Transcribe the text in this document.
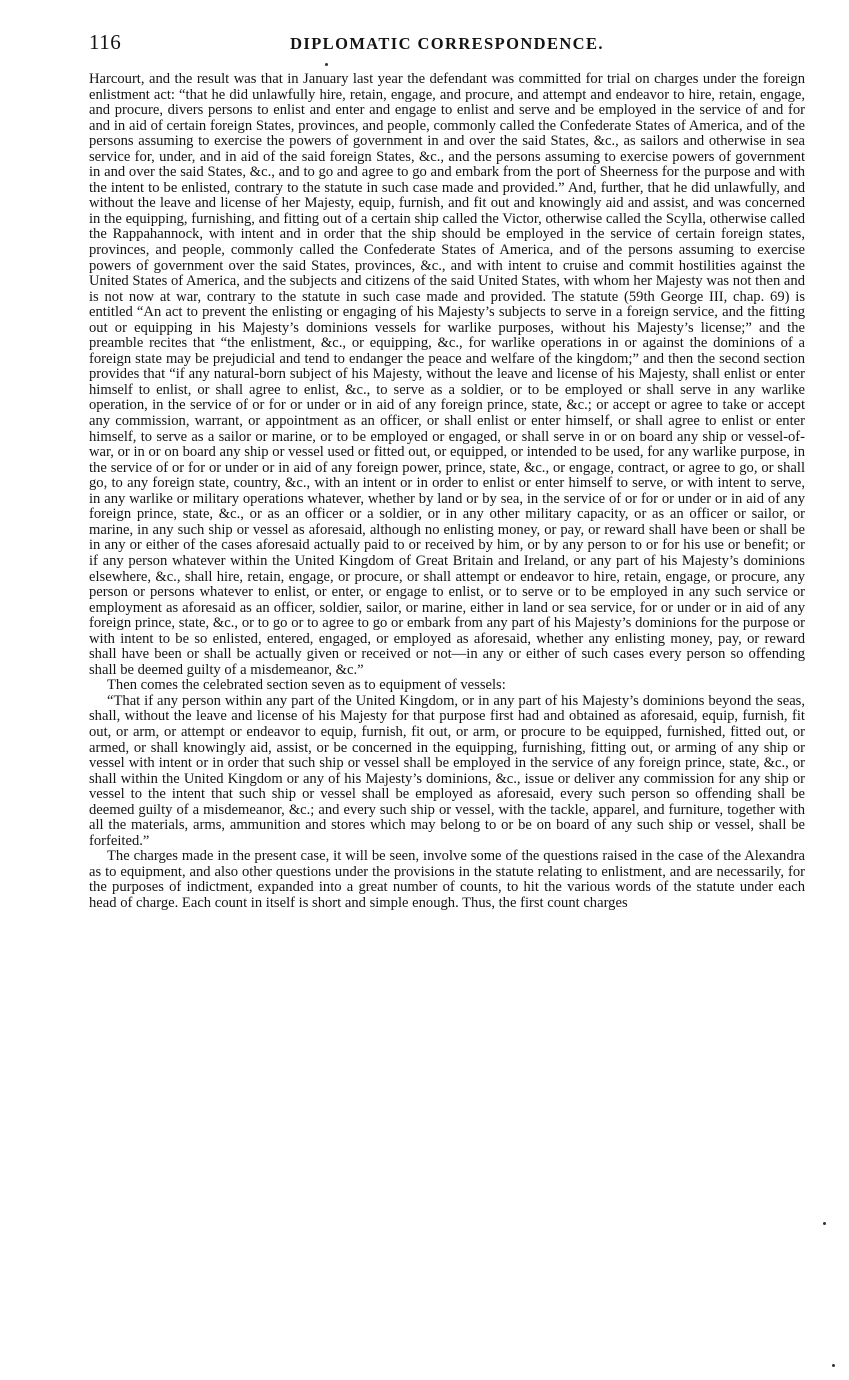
116	DIPLOMATIC CORRESPONDENCE.

Harcourt, and the result was that in January last year the defendant was committed for trial on charges under the foreign enlistment act: “that he did unlawfully hire, retain, engage, and procure, and attempt and endeavor to hire, retain, engage, and procure, divers persons to enlist and enter and engage to enlist and serve and be employed in the service of and for and in aid of certain foreign States, provinces, and people, commonly called the Confederate States of America, and of the persons assuming to exercise the powers of government in and over the said States, &c., as sailors and otherwise in sea service for, under, and in aid of the said foreign States, &c., and the persons assuming to exercise powers of government in and over the said States, &c., and to go and agree to go and embark from the port of Sheerness for the purpose and with the intent to be enlisted, contrary to the statute in such case made and provided.” And, further, that he did unlawfully, and without the leave and license of her Majesty, equip, furnish, and fit out and knowingly aid and assist, and was concerned in the equipping, furnishing, and fitting out of a certain ship called the Victor, otherwise called the Scylla, otherwise called the Rappahannock, with intent and in order that the ship should be employed in the service of certain foreign states, provinces, and people, commonly called the Confederate States of America, and of the persons assuming to exercise powers of government over the said States, provinces, &c., and with intent to cruise and commit hostilities against the United States of America, and the subjects and citizens of the said United States, with whom her Majesty was not then and is not now at war, contrary to the statute in such case made and provided. The statute (59th George III, chap. 69) is entitled “An act to prevent the enlisting or engaging of his Majesty’s subjects to serve in a foreign service, and the fitting out or equipping in his Majesty’s dominions vessels for warlike purposes, without his Majesty’s license;” and the preamble recites that “the enlistment, &c., or equipping, &c., for warlike operations in or against the dominions of a foreign state may be prejudicial and tend to endanger the peace and welfare of the kingdom;” and then the second section provides that “if any natural-born subject of his Majesty, without the leave and license of his Majesty, shall enlist or enter himself to enlist, or shall agree to enlist, &c., to serve as a soldier, or to be employed or shall serve in any warlike operation, in the service of or for or under or in aid of any foreign prince, state, &c.; or accept or agree to take or accept any commission, warrant, or appointment as an officer, or shall enlist or enter himself, or shall agree to enlist or enter himself, to serve as a sailor or marine, or to be employed or engaged, or shall serve in or on board any ship or vessel-of-war, or in or on board any ship or vessel used or fitted out, or equipped, or intended to be used, for any warlike purpose, in the service of or for or under or in aid of any foreign power, prince, state, &c., or engage, contract, or agree to go, or shall go, to any foreign state, country, &c., with an intent or in order to enlist or enter himself to serve, or with intent to serve, in any warlike or military operations whatever, whether by land or by sea, in the service of or for or under or in aid of any foreign prince, state, &c., or as an officer or a soldier, or in any other military capacity, or as an officer or sailor, or marine, in any such ship or vessel as aforesaid, although no enlisting money, or pay, or reward shall have been or shall be in any or either of the cases aforesaid actually paid to or received by him, or by any person to or for his use or benefit; or if any person whatever within the United Kingdom of Great Britain and Ireland, or any part of his Majesty’s dominions elsewhere, &c., shall hire, retain, engage, or procure, or shall attempt or endeavor to hire, retain, engage, or procure, any person or persons whatever to enlist, or enter, or engage to enlist, or to serve or to be employed in any such service or employment as aforesaid as an officer, soldier, sailor, or marine, either in land or sea service, for or under or in aid of any foreign prince, state, &c., or to go or to agree to go or embark from any part of his Majesty’s dominions for the purpose or with intent to be so enlisted, entered, engaged, or employed as aforesaid, whether any enlisting money, pay, or reward shall have been or shall be actually given or received or not—in any or either of such cases every person so offending shall be deemed guilty of a misdemeanor, &c.”

Then comes the celebrated section seven as to equipment of vessels:

“That if any person within any part of the United Kingdom, or in any part of his Majesty’s dominions beyond the seas, shall, without the leave and license of his Majesty for that purpose first had and obtained as aforesaid, equip, furnish, fit out, or arm, or attempt or endeavor to equip, furnish, fit out, or arm, or procure to be equipped, furnished, fitted out, or armed, or shall knowingly aid, assist, or be concerned in the equipping, furnishing, fitting out, or arming of any ship or vessel with intent or in order that such ship or vessel shall be employed in the service of any foreign prince, state, &c., or shall within the United Kingdom or any of his Majesty’s dominions, &c., issue or deliver any commission for any ship or vessel to the intent that such ship or vessel shall be employed as aforesaid, every such person so offending shall be deemed guilty of a misdemeanor, &c.; and every such ship or vessel, with the tackle, apparel, and furniture, together with all the materials, arms, ammunition and stores which may belong to or be on board of any such ship or vessel, shall be forfeited.”

The charges made in the present case, it will be seen, involve some of the questions raised in the case of the Alexandra as to equipment, and also other questions under the provisions in the statute relating to enlistment, and are necessarily, for the purposes of indictment, expanded into a great number of counts, to hit the various words of the statute under each head of charge. Each count in itself is short and simple enough. Thus, the first count charges
